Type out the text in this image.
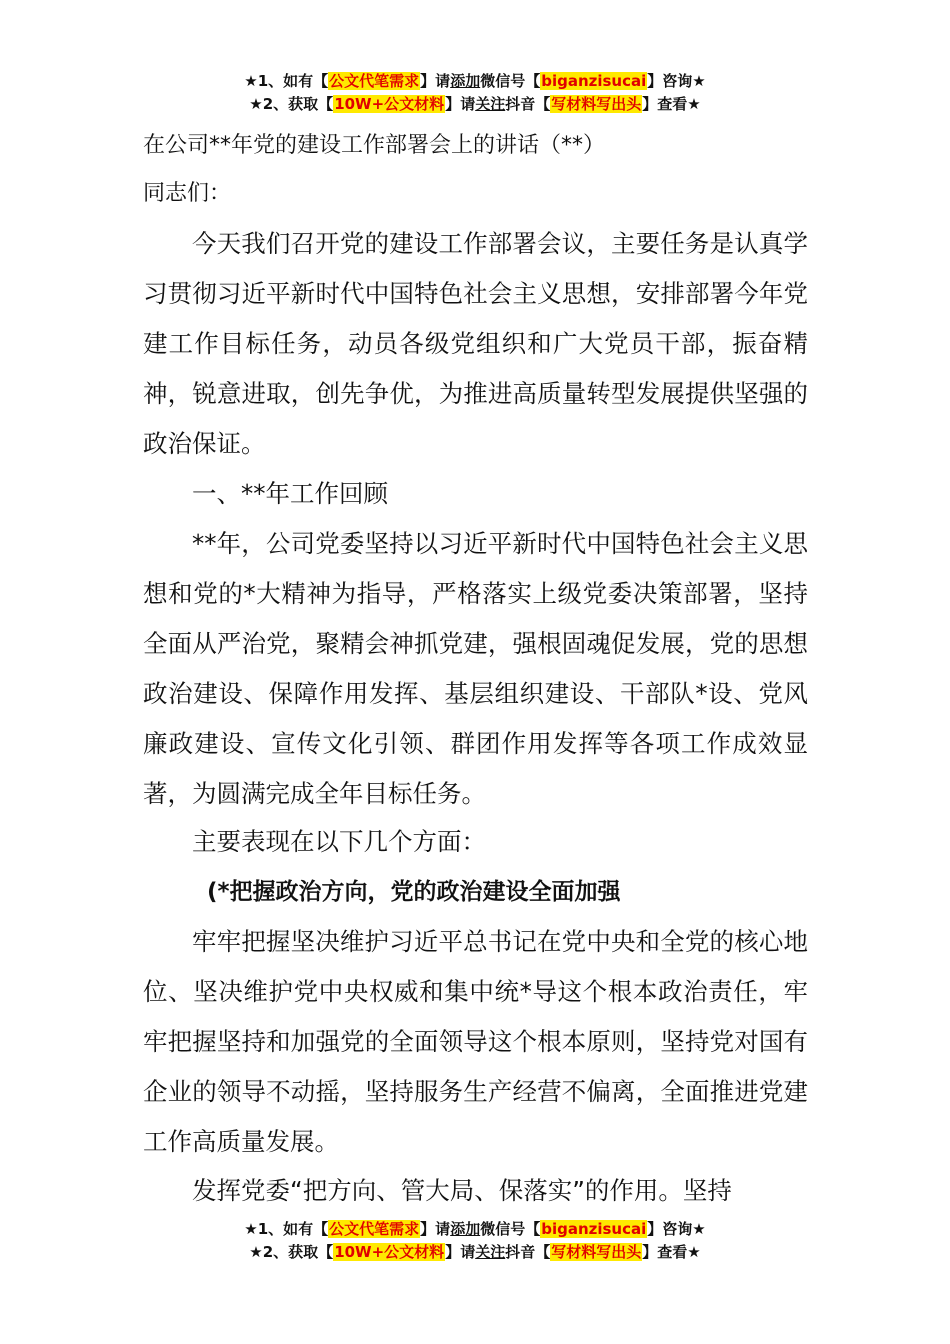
★1、如有【公文代笔需求】请添加微信号【biganzisucai】咨询★
★2、获取【10W+公文材料】请关注抖音【写材料写出头】查看★
在公司**年党的建设工作部署会上的讲话（**）
同志们：

今天我们召开党的建设工作部署会议，主要任务是认真学习贯彻习近平新时代中国特色社会主义思想，安排部署今年党建工作目标任务，动员各级党组织和广大党员干部，振奋精神，锐意进取，创先争优，为推进高质量转型发展提供坚强的政治保证。

一、**年工作回顾

**年，公司党委坚持以习近平新时代中国特色社会主义思想和党的*大精神为指导，严格落实上级党委决策部署，坚持全面从严治党，聚精会神抓党建，强根固魂促发展，党的思想政治建设、保障作用发挥、基层组织建设、干部队*设、党风廉政建设、宣传文化引领、群团作用发挥等各项工作成效显著，为圆满完成全年目标任务。

主要表现在以下几个方面：

(*把握政治方向，党的政治建设全面加强

牢牢把握坚决维护习近平总书记在党中央和全党的核心地位、坚决维护党中央权威和集中统*导这个根本政治责任，牢牢把握坚持和加强党的全面领导这个根本原则，坚持党对国有企业的领导不动摇，坚持服务生产经营不偏离，全面推进党建工作高质量发展。

发挥党委“把方向、管大局、保落实”的作用。坚持

★1、如有【公文代笔需求】请添加微信号【biganzisucai】咨询★
★2、获取【10W+公文材料】请关注抖音【写材料写出头】查看★
